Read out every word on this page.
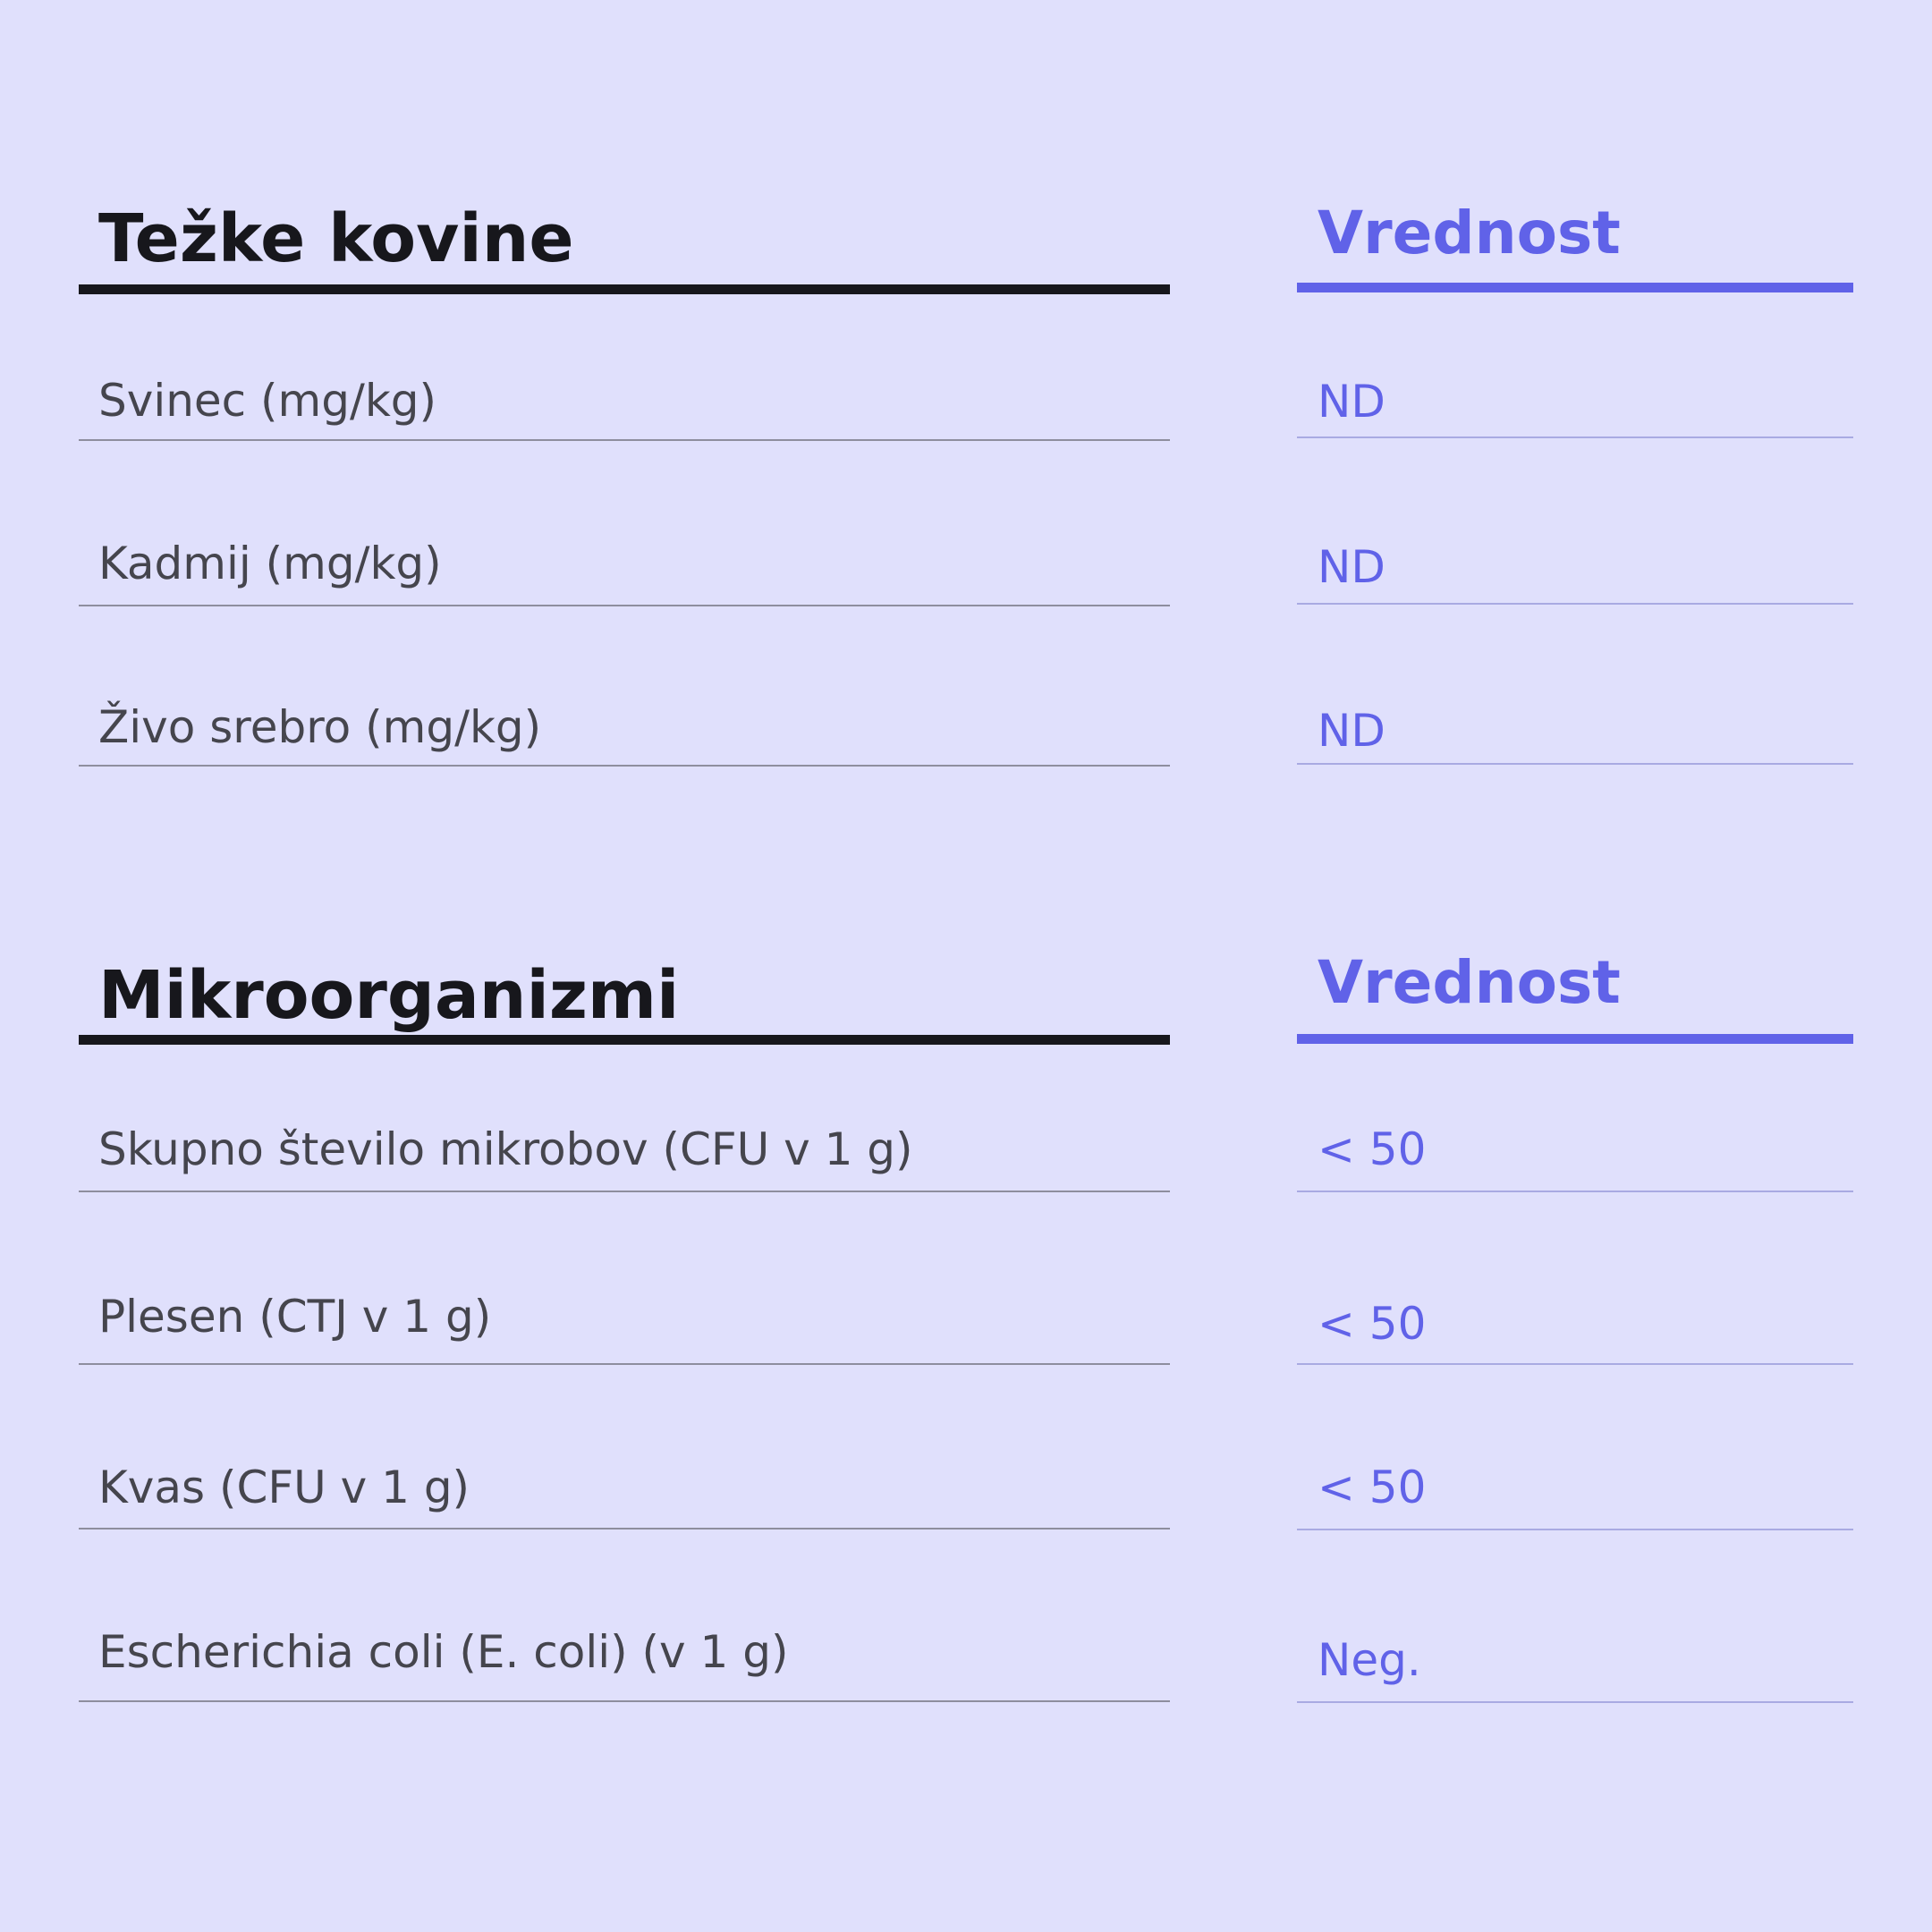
Težke kovine
Svinec (mg/kg)
Kadmij (mg/kg)
Živo srebro (mg/kg)
Vrednost
ND
ND
ND
Mikroorganizmi
Skupno število mikrobov (CFU v 1 g)
Plesen (CTJ v 1 g)
Kvas (CFU v 1 g)
Escherichia coli (E. coli) (v 1 g)
Vrednost
< 50
< 50
< 50
Neg.
